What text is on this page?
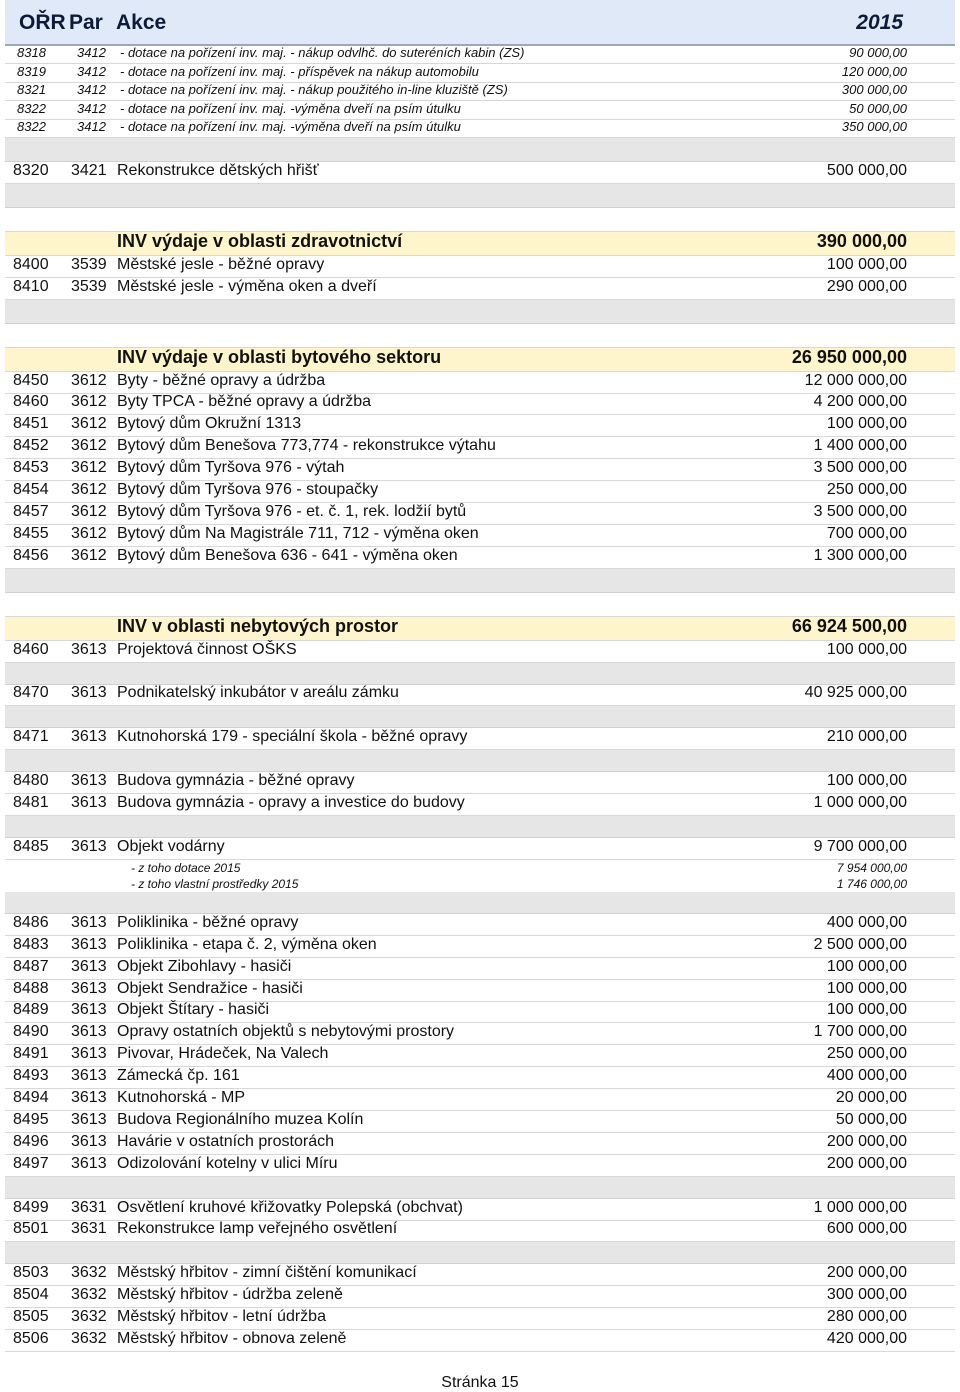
OŘR Par Akce	2015
8318 3412 - dotace na pořízení inv. maj. - nákup odvlhč. do suteréních kabin (ZS)	90 000,00
8319 3412 - dotace na pořízení inv. maj. - příspěvek na nákup automobilu	120 000,00
8321 3412 - dotace na pořízení inv. maj. - nákup použitého in-line kluziště (ZS)	300 000,00
8322 3412 - dotace na pořízení inv. maj. -výměna dveří na psím útulku	50 000,00
8322 3412 - dotace na pořízení inv. maj. -výměna dveří na psím útulku	350 000,00
8320 3421 Rekonstrukce dětských hřišť	500 000,00
INV výdaje v oblasti zdravotnictví	390 000,00
8400 3539 Městské jesle - běžné opravy	100 000,00
8410 3539 Městské jesle - výměna oken a dveří	290 000,00
INV výdaje v oblasti bytového sektoru	26 950 000,00
8450 3612 Byty - běžné opravy a údržba	12 000 000,00
8460 3612 Byty TPCA - běžné opravy a údržba	4 200 000,00
8451 3612 Bytový dům Okružní 1313	100 000,00
8452 3612 Bytový dům Benešova 773,774 - rekonstrukce výtahu	1 400 000,00
8453 3612 Bytový dům Tyršova 976 - výtah	3 500 000,00
8454 3612 Bytový dům Tyršova 976 - stoupačky	250 000,00
8457 3612 Bytový dům Tyršova 976 - et. č. 1, rek. lodžií bytů	3 500 000,00
8455 3612 Bytový dům Na Magistrále 711, 712 - výměna oken	700 000,00
8456 3612 Bytový dům Benešova 636 - 641 - výměna oken	1 300 000,00
INV v oblasti nebytových prostor	66 924 500,00
8460 3613 Projektová činnost OŠKS	100 000,00
8470 3613 Podnikatelský inkubátor v areálu zámku	40 925 000,00
8471 3613 Kutnohorská 179 - speciální škola - běžné opravy	210 000,00
8480 3613 Budova gymnázia - běžné opravy	100 000,00
8481 3613 Budova gymnázia - opravy a investice do budovy	1 000 000,00
8485 3613 Objekt vodárny	9 700 000,00
- z toho dotace 2015	7 954 000,00
- z toho vlastní prostředky 2015	1 746 000,00
8486 3613 Poliklinika - běžné opravy	400 000,00
8483 3613 Poliklinika - etapa č. 2, výměna oken	2 500 000,00
8487 3613 Objekt Zibohlavy - hasiči	100 000,00
8488 3613 Objekt Sendražice - hasiči	100 000,00
8489 3613 Objekt Štítary - hasiči	100 000,00
8490 3613 Opravy ostatních objektů s nebytovými prostory	1 700 000,00
8491 3613 Pivovar, Hrádeček, Na Valech	250 000,00
8493 3613 Zámecká čp. 161	400 000,00
8494 3613 Kutnohorská - MP	20 000,00
8495 3613 Budova Regionálního muzea Kolín	50 000,00
8496 3613 Havárie v ostatních prostorách	200 000,00
8497 3613 Odizolování kotelny v ulici Míru	200 000,00
8499 3631 Osvětlení kruhové křižovatky Polepská (obchvat)	1 000 000,00
8501 3631 Rekonstrukce lamp veřejného osvětlení	600 000,00
8503 3632 Městský hřbitov - zimní čištění komunikací	200 000,00
8504 3632 Městský hřbitov - údržba zeleně	300 000,00
8505 3632 Městský hřbitov - letní údržba	280 000,00
8506 3632 Městský hřbitov - obnova zeleně	420 000,00
Stránka 15
